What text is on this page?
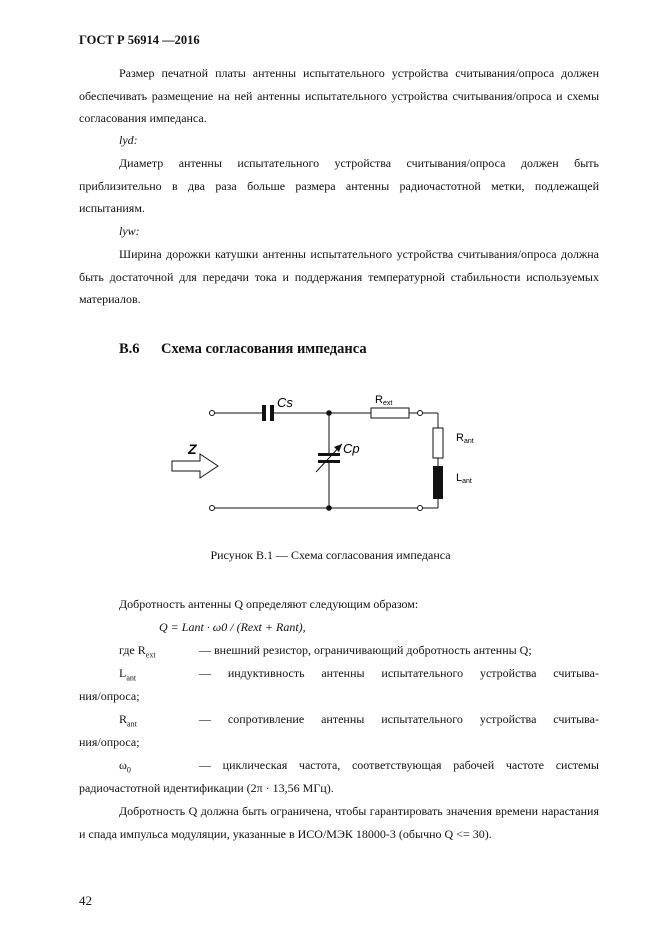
ГОСТ Р 56914 —2016
Размер печатной платы антенны испытательного устройства считывания/опроса должен обеспечивать размещение на ней антенны испытательного устройства считывания/опроса и схемы согласования импеданса.
lyd:
Диаметр антенны испытательного устройства считывания/опроса должен быть приблизительно в два раза больше размера антенны радиочастотной метки, подлежащей испытаниям.
lyw:
Ширина дорожки катушки антенны испытательного устройства считывания/опроса должна быть достаточной для передачи тока и поддержания температурной стабильности используемых материалов.
В.6 Схема согласования импеданса
Z
Cs
Cp
Rext
Rant
Lant
Рисунок В.1 — Схема согласования импеданса
Добротность антенны Q определяют следующим образом:
Q = Lant · ω0 / (Rext + Rant),
где $R_{ext}$	— внешний резистор, ограничивающий добротность антенны Q;
$L_{ant}$	— индуктивность антенны испытательного устройства считыва-
ния/опроса;
$R_{ant}$	— сопротивление антенны испытательного устройства считыва-
ния/опроса;
$\omega_0$	— циклическая частота, соответствующая рабочей частоте системы
радиочастотной идентификации (2π · 13,56 МГц).
Добротность Q должна быть ограничена, чтобы гарантировать значения времени нарастания и спада импульса модуляции, указанные в ИСО/МЭК 18000-3 (обычно Q <= 30).
42
